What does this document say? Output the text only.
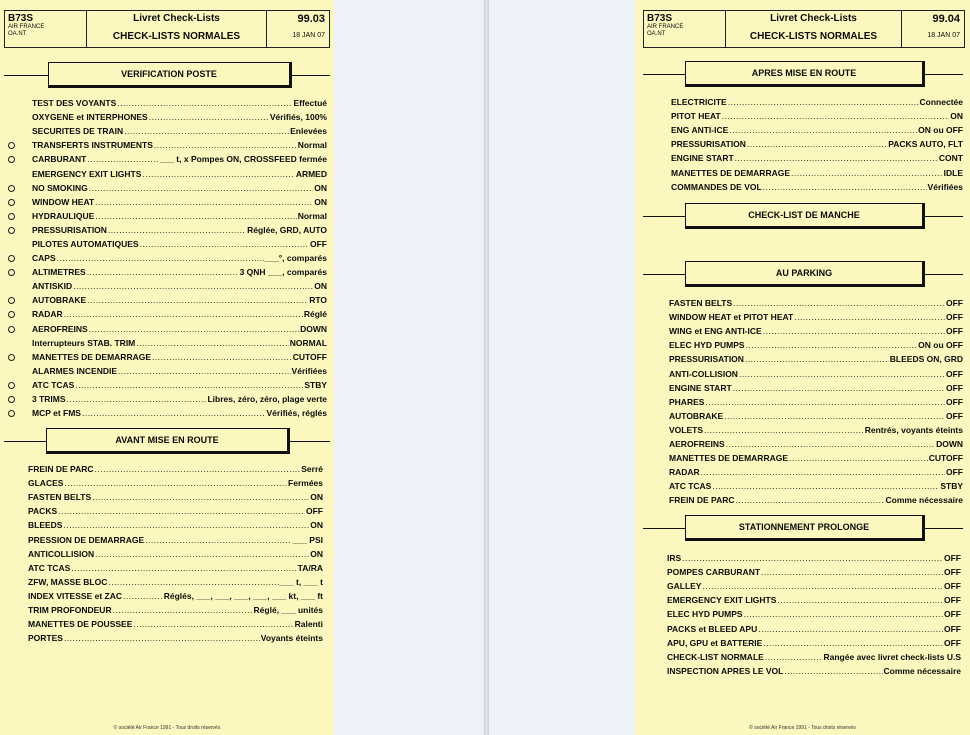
B73S
AIR FRANCE
OA.NT
Livret Check-Lists
CHECK-LISTS NORMALES
99.03
18 JAN 07
VERIFICATION POSTE
TEST DES VOYANTS .....	Effectué
OXYGENE et INTERPHONES .....	Vérifiés, 100%
SECURITES DE TRAIN .....	Enlevées
TRANSFERTS INSTRUMENTS .....	Normal
CARBURANT .....	___ t, x Pompes ON, CROSSFEED fermée
EMERGENCY EXIT LIGHTS .....	ARMED
NO SMOKING .....	ON
WINDOW HEAT .....	ON
HYDRAULIQUE .....	Normal
PRESSURISATION .....	Réglée, GRD, AUTO
PILOTES AUTOMATIQUES .....	OFF
CAPS .....	___°, comparés
ALTIMETRES .....	3 QNH ___, comparés
ANTISKID .....	ON
AUTOBRAKE .....	RTO
RADAR .....	Réglé
AEROFREINS .....	DOWN
Interrupteurs STAB. TRIM .....	NORMAL
MANETTES DE DEMARRAGE .....	CUTOFF
ALARMES INCENDIE .....	Vérifiées
ATC TCAS .....	STBY
3 TRIMS .....	Libres, zéro, zéro, plage verte
MCP et FMS .....	Vérifiés, réglés
AVANT MISE EN ROUTE
FREIN DE PARC .....	Serré
GLACES .....	Fermées
FASTEN BELTS .....	ON
PACKS .....	OFF
BLEEDS .....	ON
PRESSION DE DEMARRAGE .....	___ PSI
ANTICOLLISION .....	ON
ATC TCAS .....	TA/RA
ZFW, MASSE BLOC .....	___ t, ___ t
INDEX VITESSE et ZAC .....	Réglés, ___, ___, ___, ___, ___ kt, ___ ft
TRIM PROFONDEUR .....	Réglé, ___ unités
MANETTES DE POUSSEE .....	Ralenti
PORTES .....	Voyants éteints
© société Air France 1991 - Tous droits réservés
B73S
AIR FRANCE
OA.NT
Livret Check-Lists
CHECK-LISTS NORMALES
99.04
18 JAN 07
APRES MISE EN ROUTE
ELECTRICITE .....	Connectée
PITOT HEAT .....	ON
ENG ANTI-ICE .....	ON ou OFF
PRESSURISATION .....	PACKS AUTO, FLT
ENGINE START .....	CONT
MANETTES DE DEMARRAGE .....	IDLE
COMMANDES DE VOL .....	Vérifiées
CHECK-LIST DE MANCHE
AU PARKING
FASTEN BELTS .....	OFF
WINDOW HEAT et PITOT HEAT .....	OFF
WING et ENG ANTI-ICE .....	OFF
ELEC HYD PUMPS .....	ON ou OFF
PRESSURISATION .....	BLEEDS ON, GRD
ANTI-COLLISION .....	OFF
ENGINE START .....	OFF
PHARES .....	OFF
AUTOBRAKE .....	OFF
VOLETS .....	Rentrés, voyants éteints
AEROFREINS .....	DOWN
MANETTES DE DEMARRAGE .....	CUTOFF
RADAR .....	OFF
ATC TCAS .....	STBY
FREIN DE PARC .....	Comme nécessaire
STATIONNEMENT PROLONGE
IRS .....	OFF
POMPES CARBURANT .....	OFF
GALLEY .....	OFF
EMERGENCY EXIT LIGHTS .....	OFF
ELEC HYD PUMPS .....	OFF
PACKS et BLEED APU .....	OFF
APU, GPU et BATTERIE .....	OFF
CHECK-LIST NORMALE .....	Rangée avec livret check-lists U.S
INSPECTION APRES LE VOL .....	Comme nécessaire
© société Air France 1991 - Tous droits réservés
